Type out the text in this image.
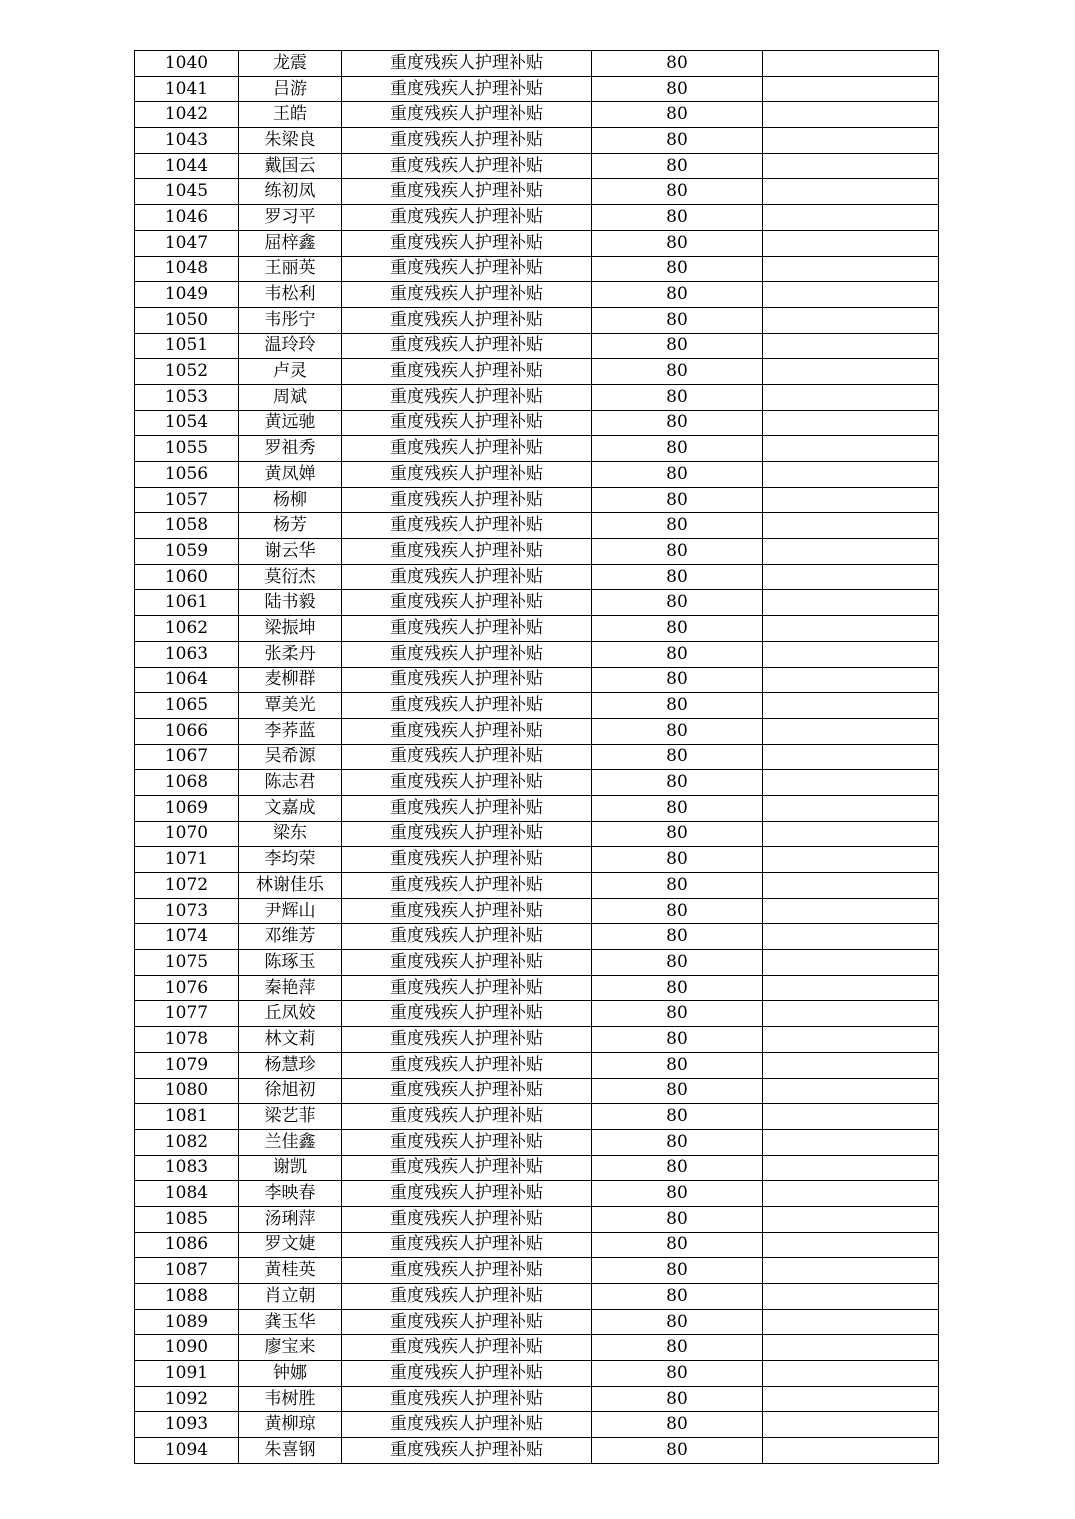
1040	龙震	重度残疾人护理补贴	80	
1041	吕游	重度残疾人护理补贴	80	
1042	王皓	重度残疾人护理补贴	80	
1043	朱梁良	重度残疾人护理补贴	80	
1044	戴国云	重度残疾人护理补贴	80	
1045	练初凤	重度残疾人护理补贴	80	
1046	罗习平	重度残疾人护理补贴	80	
1047	屈梓鑫	重度残疾人护理补贴	80	
1048	王丽英	重度残疾人护理补贴	80	
1049	韦松利	重度残疾人护理补贴	80	
1050	韦彤宁	重度残疾人护理补贴	80	
1051	温玲玲	重度残疾人护理补贴	80	
1052	卢灵	重度残疾人护理补贴	80	
1053	周斌	重度残疾人护理补贴	80	
1054	黄远驰	重度残疾人护理补贴	80	
1055	罗祖秀	重度残疾人护理补贴	80	
1056	黄凤婵	重度残疾人护理补贴	80	
1057	杨柳	重度残疾人护理补贴	80	
1058	杨芳	重度残疾人护理补贴	80	
1059	谢云华	重度残疾人护理补贴	80	
1060	莫衍杰	重度残疾人护理补贴	80	
1061	陆书毅	重度残疾人护理补贴	80	
1062	梁振坤	重度残疾人护理补贴	80	
1063	张柔丹	重度残疾人护理补贴	80	
1064	麦柳群	重度残疾人护理补贴	80	
1065	覃美光	重度残疾人护理补贴	80	
1066	李荞蓝	重度残疾人护理补贴	80	
1067	吴希源	重度残疾人护理补贴	80	
1068	陈志君	重度残疾人护理补贴	80	
1069	文嘉成	重度残疾人护理补贴	80	
1070	梁东	重度残疾人护理补贴	80	
1071	李均荣	重度残疾人护理补贴	80	
1072	林谢佳乐	重度残疾人护理补贴	80	
1073	尹辉山	重度残疾人护理补贴	80	
1074	邓维芳	重度残疾人护理补贴	80	
1075	陈琢玉	重度残疾人护理补贴	80	
1076	秦艳萍	重度残疾人护理补贴	80	
1077	丘凤姣	重度残疾人护理补贴	80	
1078	林文莉	重度残疾人护理补贴	80	
1079	杨慧珍	重度残疾人护理补贴	80	
1080	徐旭初	重度残疾人护理补贴	80	
1081	梁艺菲	重度残疾人护理补贴	80	
1082	兰佳鑫	重度残疾人护理补贴	80	
1083	谢凯	重度残疾人护理补贴	80	
1084	李映春	重度残疾人护理补贴	80	
1085	汤琍萍	重度残疾人护理补贴	80	
1086	罗文婕	重度残疾人护理补贴	80	
1087	黄桂英	重度残疾人护理补贴	80	
1088	肖立朝	重度残疾人护理补贴	80	
1089	龚玉华	重度残疾人护理补贴	80	
1090	廖宝来	重度残疾人护理补贴	80	
1091	钟娜	重度残疾人护理补贴	80	
1092	韦树胜	重度残疾人护理补贴	80	
1093	黄柳琼	重度残疾人护理补贴	80	
1094	朱喜钢	重度残疾人护理补贴	80	
